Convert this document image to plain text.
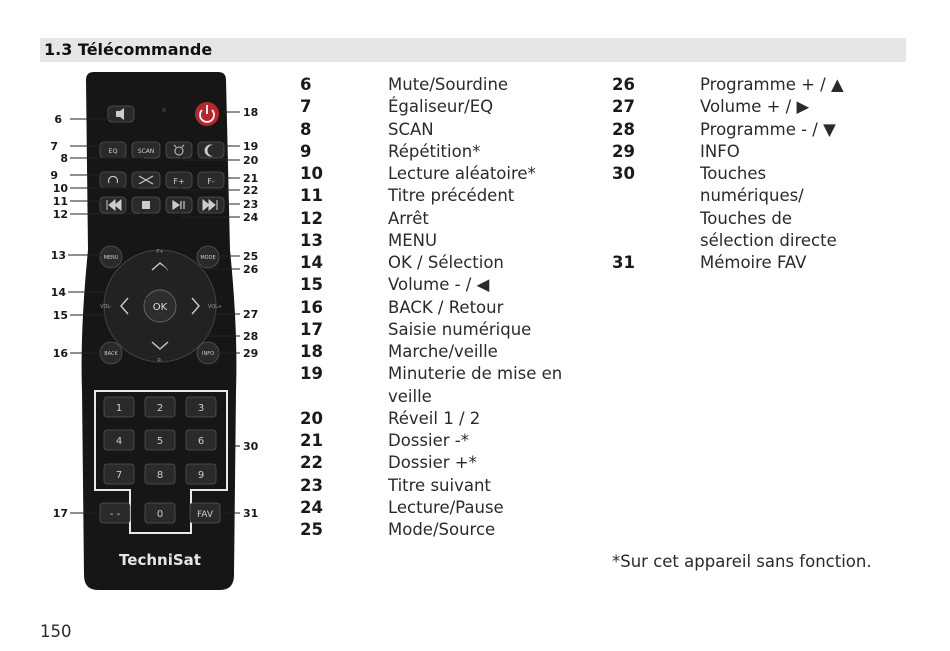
1.3 Télécommande
EQ	SCAN
F+	F-
MENU	MODE
P+
P-
VOL-	VOL+
OK
BACK	INFO
1	2	3
4	5	6
7	8	9
- -	0	FAV
TechniSat
6
7
8
9
10
11
12
13
14
15
16
17
18
19
20
21
22
23
24
25
26
27
28
29
30
31
6	Mute/Sourdine
7	Égaliseur/EQ
8	SCAN
9	Répétition*
10	Lecture aléatoire*
11	Titre précédent
12	Arrêt
13	MENU
14	OK / Sélection
15	Volume - / ◀
16	BACK / Retour
17	Saisie numérique
18	Marche/veille
19	Minuterie de mise en veille
20	Réveil 1 / 2
21	Dossier -*
22	Dossier +*
23	Titre suivant
24	Lecture/Pause
25	Mode/Source
26	Programme + / ▲
27	Volume + / ▶
28	Programme - / ▼
29	INFO
30	Touches numériques/ Touches de sélection directe
31	Mémoire FAV
*Sur cet appareil sans fonction.
150
